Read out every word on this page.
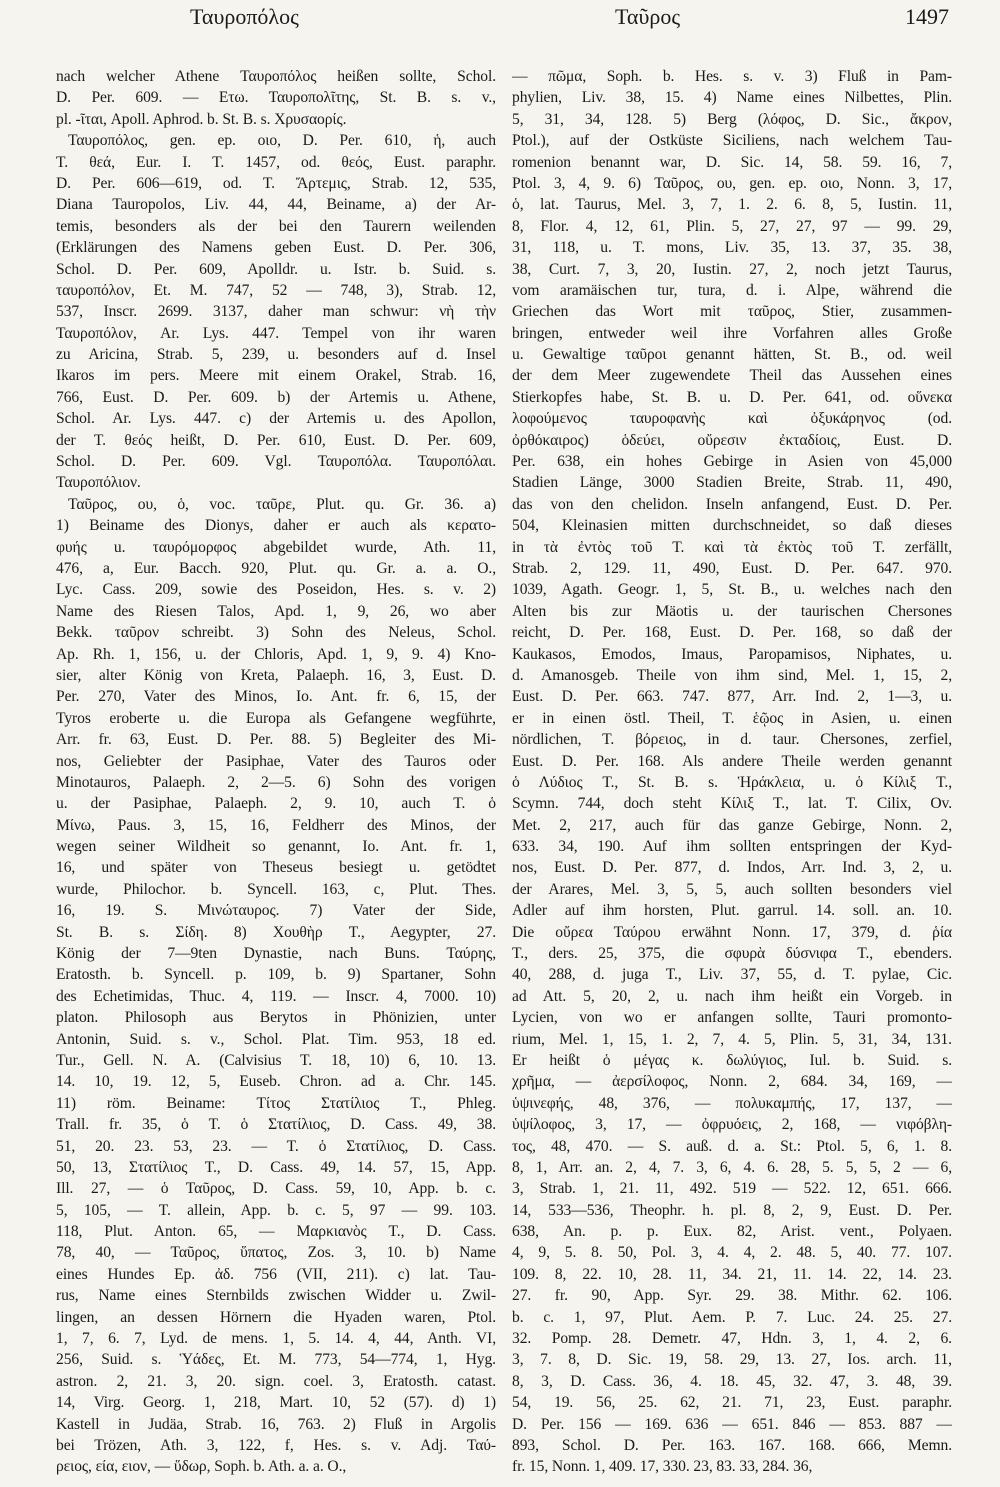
Ταυροπόλος	Ταῦρος	1497
nach welcher Athene Ταυροπόλος heißen sollte, Schol.
D. Per. 609. — Ετω. Ταυροπολῖτης, St. B. s. v.,
pl. -ῖται, Apoll. Aphrod. b. St. B. s. Χρυσαορίς.
Ταυροπόλος, gen. ep. οιο, D. Per. 610, ἡ, auch
T. θεά, Eur. I. T. 1457, od. θεός, Eust. paraphr.
D. Per. 606—619, od. T. Ἄρτεμις, Strab. 12, 535,
Diana Tauropolos, Liv. 44, 44, Beiname, a) der Ar-
temis, besonders als der bei den Taurern weilenden
(Erklärungen des Namens geben Eust. D. Per. 306,
Schol. D. Per. 609, Apolldr. u. Istr. b. Suid. s.
ταυροπόλον, Et. M. 747, 52 — 748, 3), Strab. 12,
537, Inscr. 2699. 3137, daher man schwur: νὴ τὴν
Ταυροπόλον, Ar. Lys. 447. Tempel von ihr waren
zu Aricina, Strab. 5, 239, u. besonders auf d. Insel
Ikaros im pers. Meere mit einem Orakel, Strab. 16,
766, Eust. D. Per. 609. b) der Artemis u. Athene,
Schol. Ar. Lys. 447. c) der Artemis u. des Apollon,
der T. θεός heißt, D. Per. 610, Eust. D. Per. 609,
Schol. D. Per. 609. Vgl. Ταυροπόλα. Ταυροπόλαι.
Ταυροπόλιον.
Ταῦρος, ου, ὁ, voc. ταῦρε, Plut. qu. Gr. 36. a)
1) Beiname des Dionys, daher er auch als κερατο-
φυής u. ταυρόμορφος abgebildet wurde, Ath. 11,
476, a, Eur. Bacch. 920, Plut. qu. Gr. a. a. O.,
Lyc. Cass. 209, sowie des Poseidon, Hes. s. v. 2)
Name des Riesen Talos, Apd. 1, 9, 26, wo aber
Bekk. ταῦρον schreibt. 3) Sohn des Neleus, Schol.
Ap. Rh. 1, 156, u. der Chloris, Apd. 1, 9, 9. 4) Kno-
sier, alter König von Kreta, Palaeph. 16, 3, Eust. D.
Per. 270, Vater des Minos, Io. Ant. fr. 6, 15, der
Tyros eroberte u. die Europa als Gefangene wegführte,
Arr. fr. 63, Eust. D. Per. 88. 5) Begleiter des Mi-
nos, Geliebter der Pasiphae, Vater des Tauros oder
Minotauros, Palaeph. 2, 2—5. 6) Sohn des vorigen
u. der Pasiphae, Palaeph. 2, 9. 10, auch T. ὁ
Μίνω, Paus. 3, 15, 16, Feldherr des Minos, der
wegen seiner Wildheit so genannt, Io. Ant. fr. 1,
16, und später von Theseus besiegt u. getödtet
wurde, Philochor. b. Syncell. 163, c, Plut. Thes.
16, 19. S. Μινώταυρος. 7) Vater der Side,
St. B. s. Σίδη. 8) Χουθὴρ T., Aegypter, 27.
König der 7—9ten Dynastie, nach Buns. Ταύρης,
Eratosth. b. Syncell. p. 109, b. 9) Spartaner, Sohn
des Echetimidas, Thuc. 4, 119. — Inscr. 4, 7000. 10)
platon. Philosoph aus Berytos in Phönizien, unter
Antonin, Suid. s. v., Schol. Plat. Tim. 953, 18 ed.
Tur., Gell. N. A. (Calvisius T. 18, 10) 6, 10. 13.
14. 10, 19. 12, 5, Euseb. Chron. ad a. Chr. 145.
11) röm. Beiname: Τίτος Στατίλιος T., Phleg.
Trall. fr. 35, ὁ T. ὁ Στατίλιος, D. Cass. 49, 38.
51, 20. 23. 53, 23. — T. ὁ Στατίλιος, D. Cass.
50, 13, Στατίλιος T., D. Cass. 49, 14. 57, 15, App.
Ill. 27, — ὁ Ταῦρος, D. Cass. 59, 10, App. b. c.
5, 105, — T. allein, App. b. c. 5, 97 — 99. 103.
118, Plut. Anton. 65, — Μαρκιανὸς T., D. Cass.
78, 40, — Ταῦρος, ὕπατος, Zos. 3, 10. b) Name
eines Hundes Ep. ἀδ. 756 (VII, 211). c) lat. Tau-
rus, Name eines Sternbilds zwischen Widder u. Zwil-
lingen, an dessen Hörnern die Hyaden waren, Ptol.
1, 7, 6. 7, Lyd. de mens. 1, 5. 14. 4, 44, Anth. VI,
256, Suid. s. Ὑάδες, Et. M. 773, 54—774, 1, Hyg.
astron. 2, 21. 3, 20. sign. coel. 3, Eratosth. catast.
14, Virg. Georg. 1, 218, Mart. 10, 52 (57). d) 1)
Kastell in Judäa, Strab. 16, 763. 2) Fluß in Argolis
bei Trözen, Ath. 3, 122, f, Hes. s. v. Adj. Ταύ-
ρειος, εία, ειον, — ὕδωρ, Soph. b. Ath. a. a. O.,
— πῶμα, Soph. b. Hes. s. v. 3) Fluß in Pam-
phylien, Liv. 38, 15. 4) Name eines Nilbettes, Plin.
5, 31, 34, 128. 5) Berg (λόφος, D. Sic., ἄκρον,
Ptol.), auf der Ostküste Siciliens, nach welchem Tau-
romenion benannt war, D. Sic. 14, 58. 59. 16, 7,
Ptol. 3, 4, 9. 6) Ταῦρος, ου, gen. ep. οιο, Nonn. 3, 17,
ὁ, lat. Taurus, Mel. 3, 7, 1. 2. 6. 8, 5, Iustin. 11,
8, Flor. 4, 12, 61, Plin. 5, 27, 27, 97 — 99. 29,
31, 118, u. T. mons, Liv. 35, 13. 37, 35. 38,
38, Curt. 7, 3, 20, Iustin. 27, 2, noch jetzt Taurus,
vom aramäischen tur, tura, d. i. Alpe, während die
Griechen das Wort mit ταῦρος, Stier, zusammen-
bringen, entweder weil ihre Vorfahren alles Große
u. Gewaltige ταῦροι genannt hätten, St. B., od. weil
der dem Meer zugewendete Theil das Aussehen eines
Stierkopfes habe, St. B. u. D. Per. 641, od. οὕνεκα
λοφούμενος ταυροφανὴς καὶ ὀξυκάρηνος (od.
ὀρθόκαιρος) ὁδεύει, οὔρεσιν ἐκταδίοις, Eust. D.
Per. 638, ein hohes Gebirge in Asien von 45,000
Stadien Länge, 3000 Stadien Breite, Strab. 11, 490,
das von den chelidon. Inseln anfangend, Eust. D. Per.
504, Kleinasien mitten durchschneidet, so daß dieses
in τὰ ἐντὸς τοῦ T. καὶ τὰ ἐκτὸς τοῦ T. zerfällt,
Strab. 2, 129. 11, 490, Eust. D. Per. 647. 970.
1039, Agath. Geogr. 1, 5, St. B., u. welches nach den
Alten bis zur Mäotis u. der taurischen Chersones
reicht, D. Per. 168, Eust. D. Per. 168, so daß der
Kaukasos, Emodos, Imaus, Paropamisos, Niphates, u.
d. Amanosgeb. Theile von ihm sind, Mel. 1, 15, 2,
Eust. D. Per. 663. 747. 877, Arr. Ind. 2, 1—3, u.
er in einen östl. Theil, T. ἑῷος in Asien, u. einen
nördlichen, T. βόρειος, in d. taur. Chersones, zerfiel,
Eust. D. Per. 168. Als andere Theile werden genannt
ὁ Λύδιος T., St. B. s. Ἡράκλεια, u. ὁ Κίλιξ T.,
Scymn. 744, doch steht Κίλιξ T., lat. T. Cilix, Ov.
Met. 2, 217, auch für das ganze Gebirge, Nonn. 2,
633. 34, 190. Auf ihm sollten entspringen der Kyd-
nos, Eust. D. Per. 877, d. Indos, Arr. Ind. 3, 2, u.
der Arares, Mel. 3, 5, 5, auch sollten besonders viel
Adler auf ihm horsten, Plut. garrul. 14. soll. an. 10.
Die οὔρεα Ταύρου erwähnt Nonn. 17, 379, d. ῥία
T., ders. 25, 375, die σφυρὰ δύσνιφα T., ebenders.
40, 288, d. juga T., Liv. 37, 55, d. T. pylae, Cic.
ad Att. 5, 20, 2, u. nach ihm heißt ein Vorgeb. in
Lycien, von wo er anfangen sollte, Tauri promonto-
rium, Mel. 1, 15, 1. 2, 7, 4. 5, Plin. 5, 31, 34, 131.
Er heißt ὁ μέγας κ. δωλύγιος, Iul. b. Suid. s.
χρῆμα, — ἀερσίλοφος, Nonn. 2, 684. 34, 169, —
ὑψινεφής, 48, 376, — πολυκαμπής, 17, 137, —
ὑψίλοφος, 3, 17, — ὀφρυόεις, 2, 168, — νιφόβλη-
τος, 48, 470. — S. auß. d. a. St.: Ptol. 5, 6, 1. 8.
8, 1, Arr. an. 2, 4, 7. 3, 6, 4. 6. 28, 5. 5, 5, 2 — 6,
3, Strab. 1, 21. 11, 492. 519 — 522. 12, 651. 666.
14, 533—536, Theophr. h. pl. 8, 2, 9, Eust. D. Per.
638, An. p. p. Eux. 82, Arist. vent., Polyaen.
4, 9, 5. 8. 50, Pol. 3, 4. 4, 2. 48. 5, 40. 77. 107.
109. 8, 22. 10, 28. 11, 34. 21, 11. 14. 22, 14. 23.
27. fr. 90, App. Syr. 29. 38. Mithr. 62. 106.
b. c. 1, 97, Plut. Aem. P. 7. Luc. 24. 25. 27.
32. Pomp. 28. Demetr. 47, Hdn. 3, 1, 4. 2, 6.
3, 7. 8, D. Sic. 19, 58. 29, 13. 27, Ios. arch. 11,
8, 3, D. Cass. 36, 4. 18. 45, 32. 47, 3. 48, 39.
54, 19. 56, 25. 62, 21. 71, 23, Eust. paraphr.
D. Per. 156 — 169. 636 — 651. 846 — 853. 887 —
893, Schol. D. Per. 163. 167. 168. 666, Memn.
fr. 15, Nonn. 1, 409. 17, 330. 23, 83. 33, 284. 36,
